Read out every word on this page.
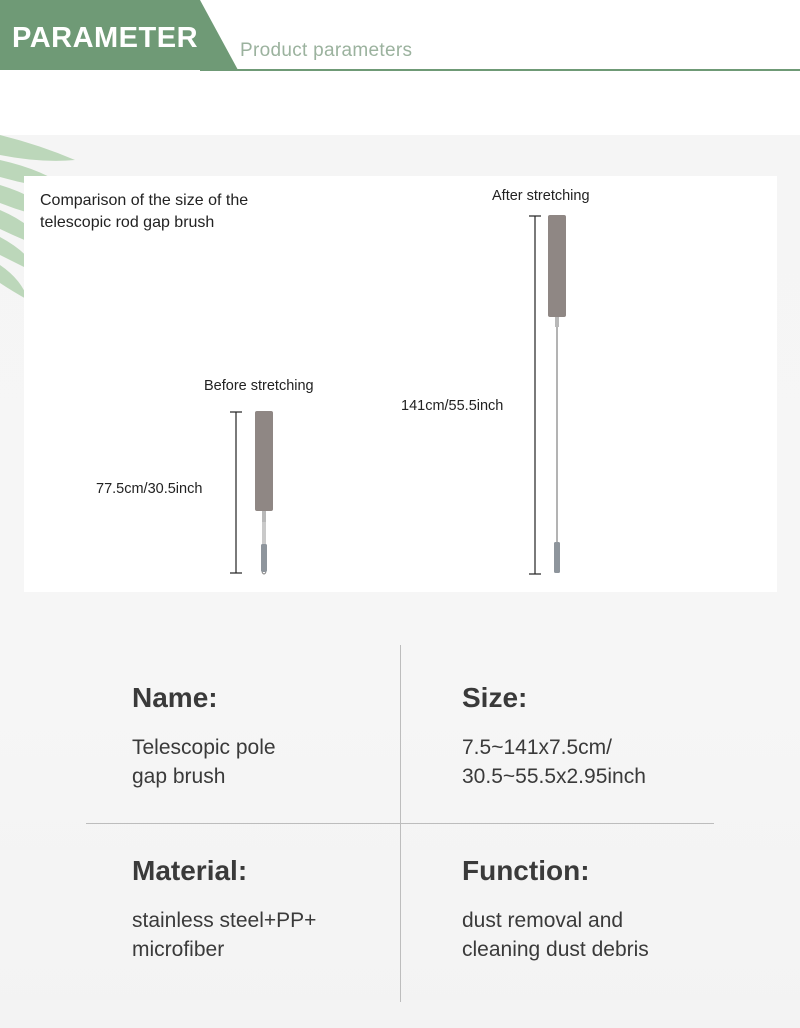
PARAMETER Product parameters
Comparison of the size of the
telescopic rod gap brush
Before stretching
77.5cm/30.5inch
After stretching
141cm/55.5inch
Name:
Telescopic pole
gap brush
Size:
7.5~141x7.5cm/
30.5~55.5x2.95inch
Material:
stainless steel+PP+
microfiber
Function:
dust removal and
cleaning dust debris
